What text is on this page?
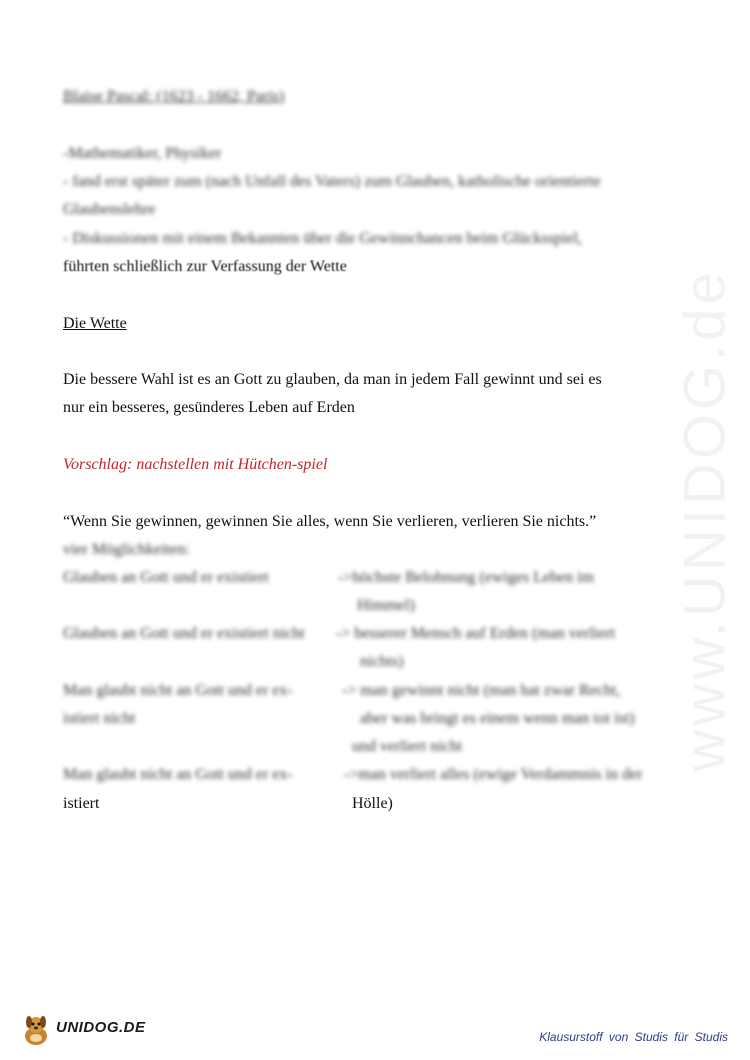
www.UNIDOG.de
Blaise Pascal: (1623 - 1662, Paris)
-Mathematiker, Physiker
- fand erst später zum (nach Unfall des Vaters) zum Glauben, katholische orientierte
Glaubenslehre
- Diskussionen mit einem Bekannten über die Gewinnchancen beim Glücksspiel,
führten schließlich zur Verfassung der Wette
Die Wette
Die bessere Wahl ist es an Gott zu glauben, da man in jedem Fall gewinnt und sei es
nur ein besseres, gesünderes Leben auf Erden
Vorschlag: nachstellen mit Hütchen-spiel
“Wenn Sie gewinnen, gewinnen Sie alles, wenn Sie verlieren, verlieren Sie nichts.”
vier Möglichkeiten:
Glauben an Gott und er existiert	->höchste Belohnung (ewiges Leben im
Himmel)
Glauben an Gott und er existiert nicht -> besserer Mensch auf Erden (man verliert
nichts)
Man glaubt nicht an Gott und er ex-
istiert nicht
-> man gewinnt nicht (man hat zwar Recht,
aber was bringt es einem wenn man tot ist)
und verliert nicht
Man glaubt nicht an Gott und er ex-
istiert
->man verliert alles (ewige Verdammnis in der
Hölle)
UNIDOG.DE
Klausurstoff von Studis für Studis
